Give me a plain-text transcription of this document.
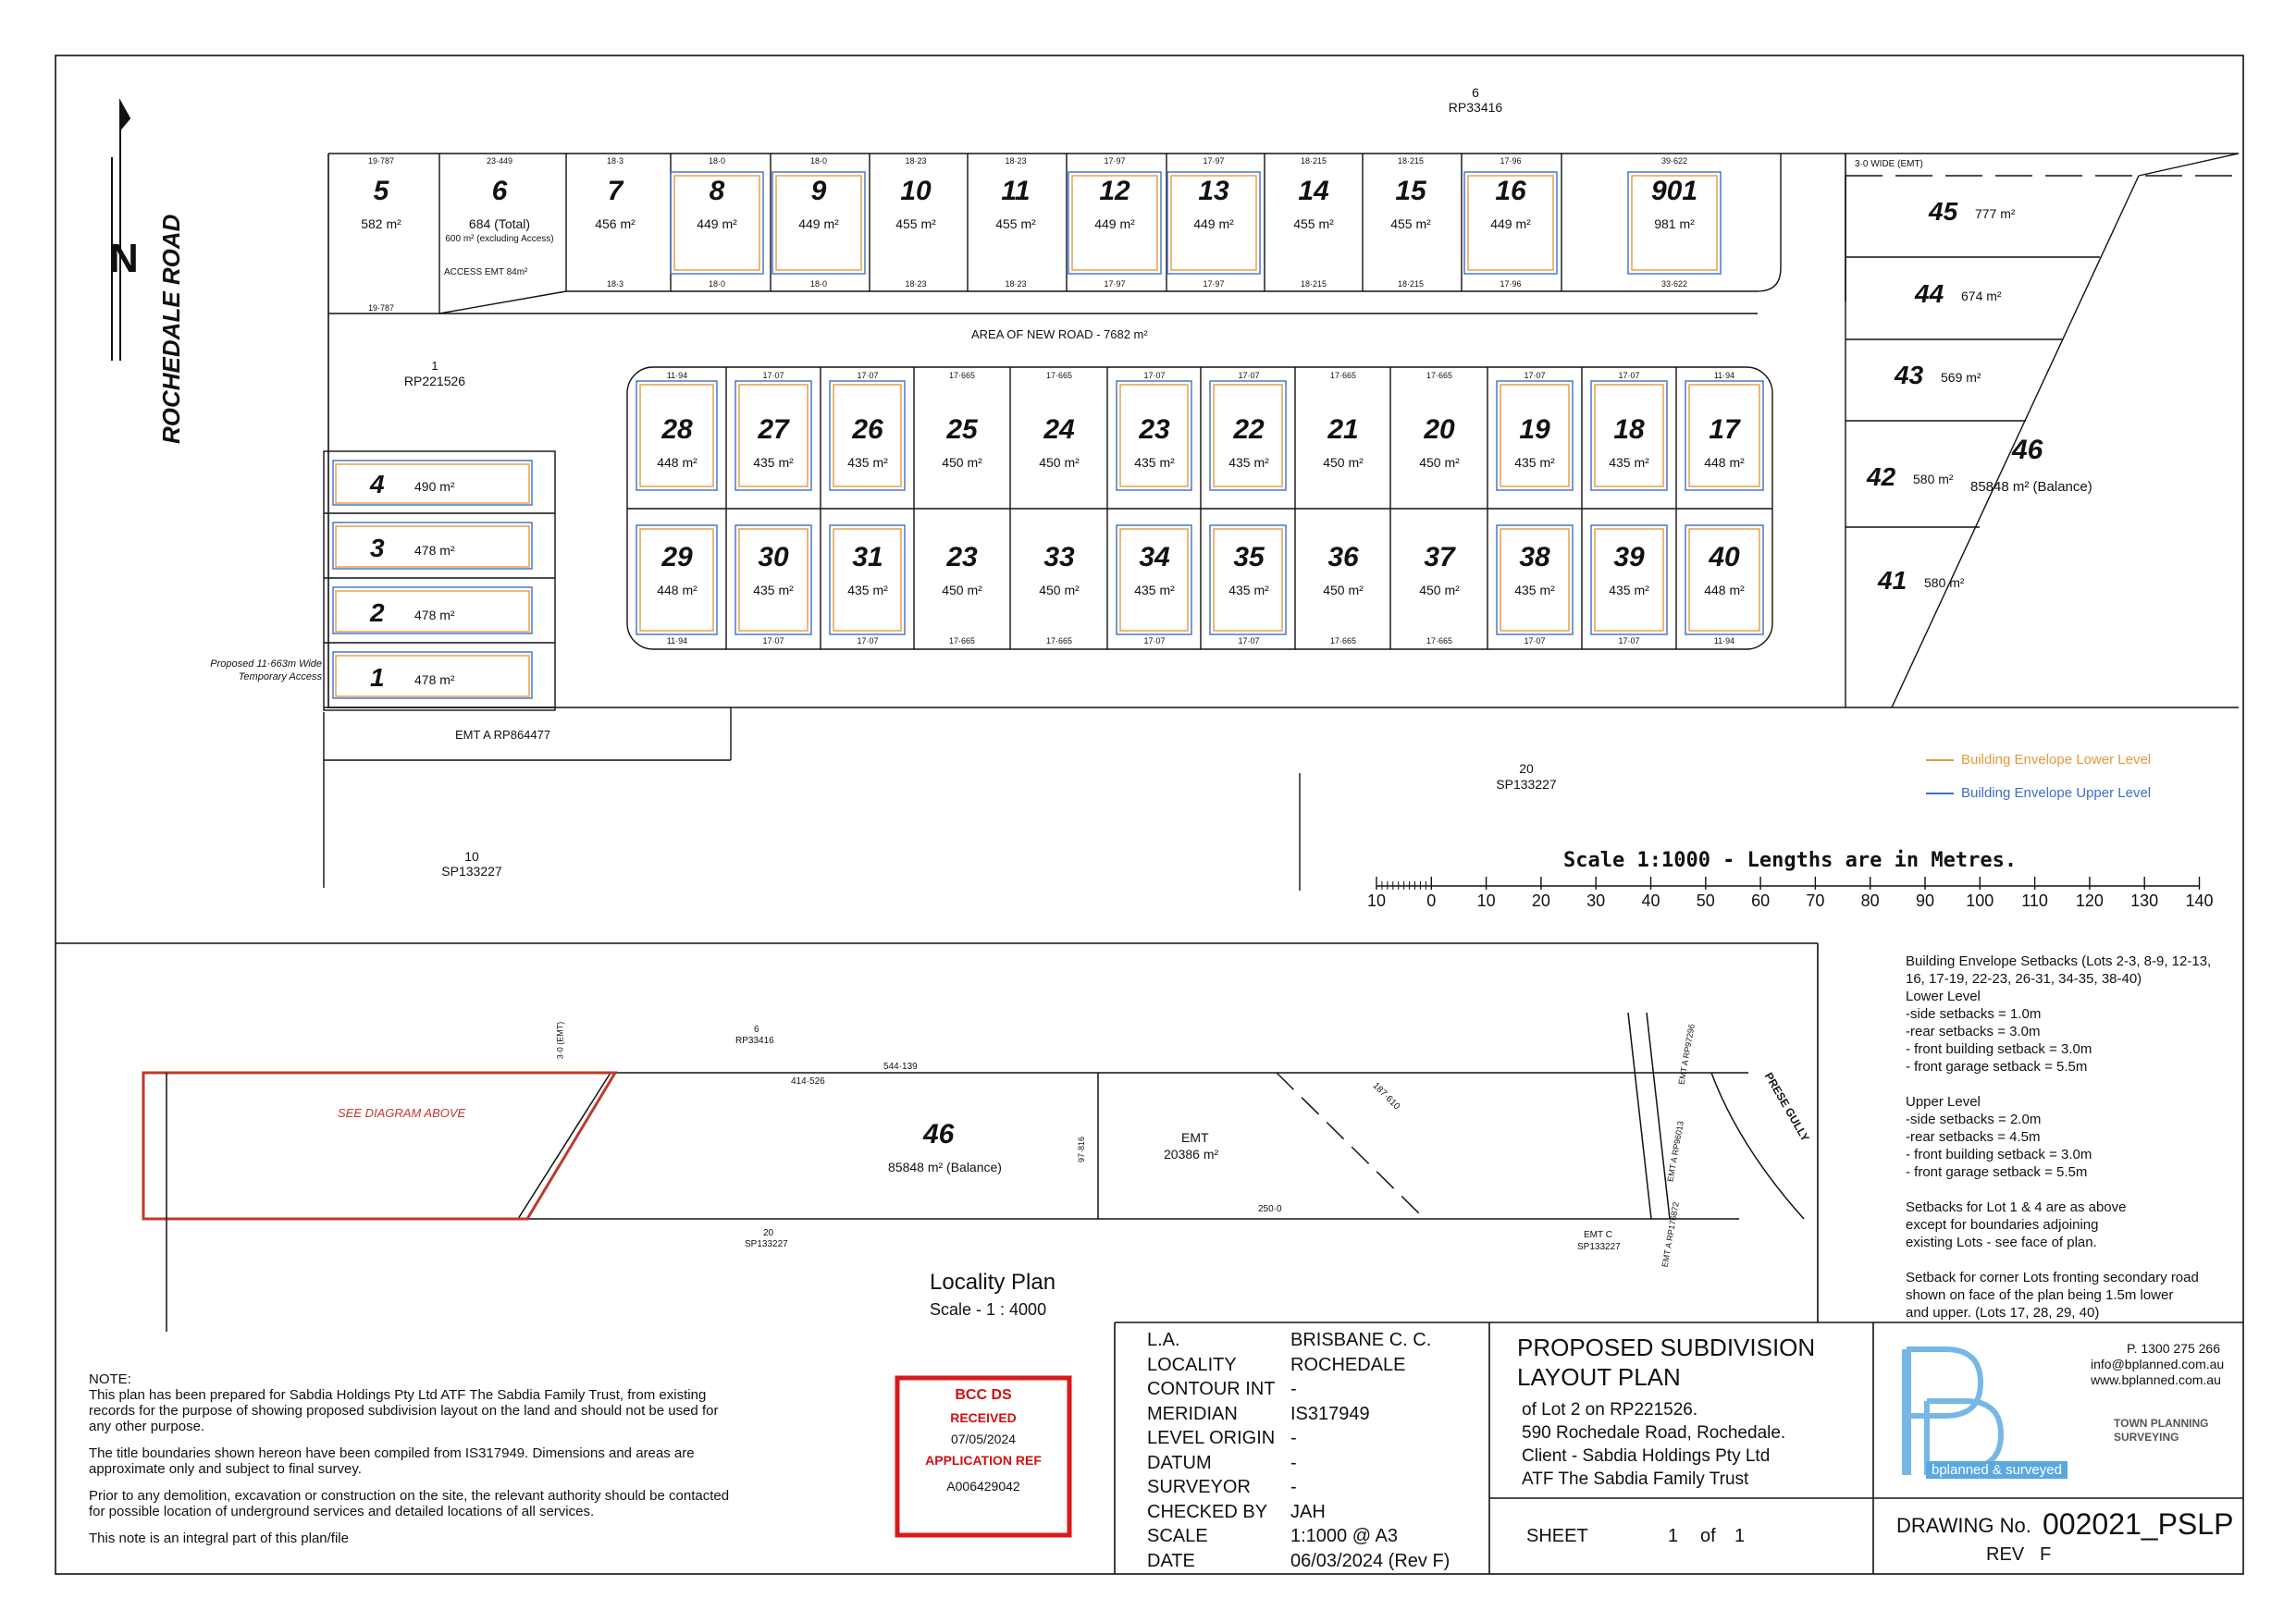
N ROCHEDALE ROAD
6
RP33416
1
RP221526
AREA OF NEW ROAD - 7682 m²
Proposed 11·663m Wide
Temporary Access
EMT A RP864477
10
SP133227
20
SP133227
3·0 WIDE (EMT)
5
582 m²
19·787
19·787
6
684 (Total)
600 m² (excluding Access)
ACCESS EMT 84m²
23·449
7
456 m²
18·3
18·3
8
449 m²
18·0
18·0
9
449 m²
18·0
18·0
10
455 m²
18·23
18·23
11
455 m²
18·23
18·23
12
449 m²
17·97
17·97
13
449 m²
17·97
17·97
14
455 m²
18·215
18·215
15
455 m²
18·215
18·215
16
449 m²
17·96
17·96
901
981 m²
39·622
33·622
28
448 m²
27
435 m²
26
435 m²
25
450 m²
24
450 m²
23
435 m²
22
435 m²
21
450 m²
20
450 m²
19
435 m²
18
435 m²
17
448 m²
29
448 m²
30
435 m²
31
435 m²
23
450 m²
33
450 m²
34
435 m²
35
435 m²
36
450 m²
37
450 m²
38
435 m²
39
435 m²
40
448 m²
11·94
11·94
17·07
17·07
17·07
17·07
17·665
17·665
17·665
17·665
17·07
17·07
17·07
17·07
17·665
17·665
17·665
17·665
17·07
17·07
17·07
17·07
11·94
11·94
4 490 m²
3 478 m²
2 478 m²
1 478 m²
45 777 m²
44 674 m²
43 569 m²
42 580 m²
41 580 m²
10	0	10	20	30	40	50	60	70	80	90	100	110	120 130 140
46
85848 m² (Balance)
Building Envelope Lower Level
Building Envelope Upper Level
Scale 1:1000 - Lengths are in Metres.
Building Envelope Setbacks (Lots 2-3, 8-9, 12-13,
16, 17-19, 22-23, 26-31, 34-35, 38-40)
Lower Level
-side setbacks = 1.0m
-rear setbacks = 3.0m
- front building setback = 3.0m
- front garage setback = 5.5m
Upper Level
-side setbacks = 2.0m
-rear setbacks = 4.5m
- front building setback = 3.0m
- front garage setback = 5.5m
Setbacks for Lot 1 & 4 are as above
except for boundaries adjoining
existing Lots - see face of plan.
Setback for corner Lots fronting secondary road
shown on face of the plan being 1.5m lower
and upper. (Lots 17, 28, 29, 40)
6
RP33416
544·139
414·526
46
85848 m² (Balance)
EMT
20386 m²
187·610
250·0
20
SP133227
EMT C
SP133227
PRESE GULLY
SEE DIAGRAM ABOVE
EMT A RP97296
EMT A RP96013
EMT A RP176872
97·816
3·0 (EMT)
Locality Plan
Scale - 1 : 4000
NOTE:
This plan has been prepared for Sabdia Holdings Pty Ltd ATF The Sabdia Family Trust, from existing
records for the purpose of showing proposed subdivision layout on the land and should not be used for
any other purpose.
The title boundaries shown hereon have been compiled from IS317949. Dimensions and areas are
approximate only and subject to final survey.
Prior to any demolition, excavation or construction on the site, the relevant authority should be contacted
for possible location of underground services and detailed locations of all services.
This note is an integral part of this plan/file
BCC DS
RECEIVED
07/05/2024
APPLICATION REF
A006429042
L.A.	BRISBANE C. C.
LOCALITY	ROCHEDALE
CONTOUR INT -
MERIDIAN	IS317949
LEVEL ORIGIN -
DATUM	-
SURVEYOR	-
CHECKED BY	JAH
SCALE	1:1000 @ A3
DATE	06/03/2024 (Rev F)
PROPOSED SUBDIVISION
LAYOUT PLAN
of Lot 2 on RP221526.
590 Rochedale Road, Rochedale.
Client - Sabdia Holdings Pty Ltd
ATF The Sabdia Family Trust
SHEET	1 of 1
bplanned & surveyed
P. 1300 275 266
info@bplanned.com.au
www.bplanned.com.au
TOWN PLANNING
SURVEYING
DRAWING No. 002021_PSLP
REV F
